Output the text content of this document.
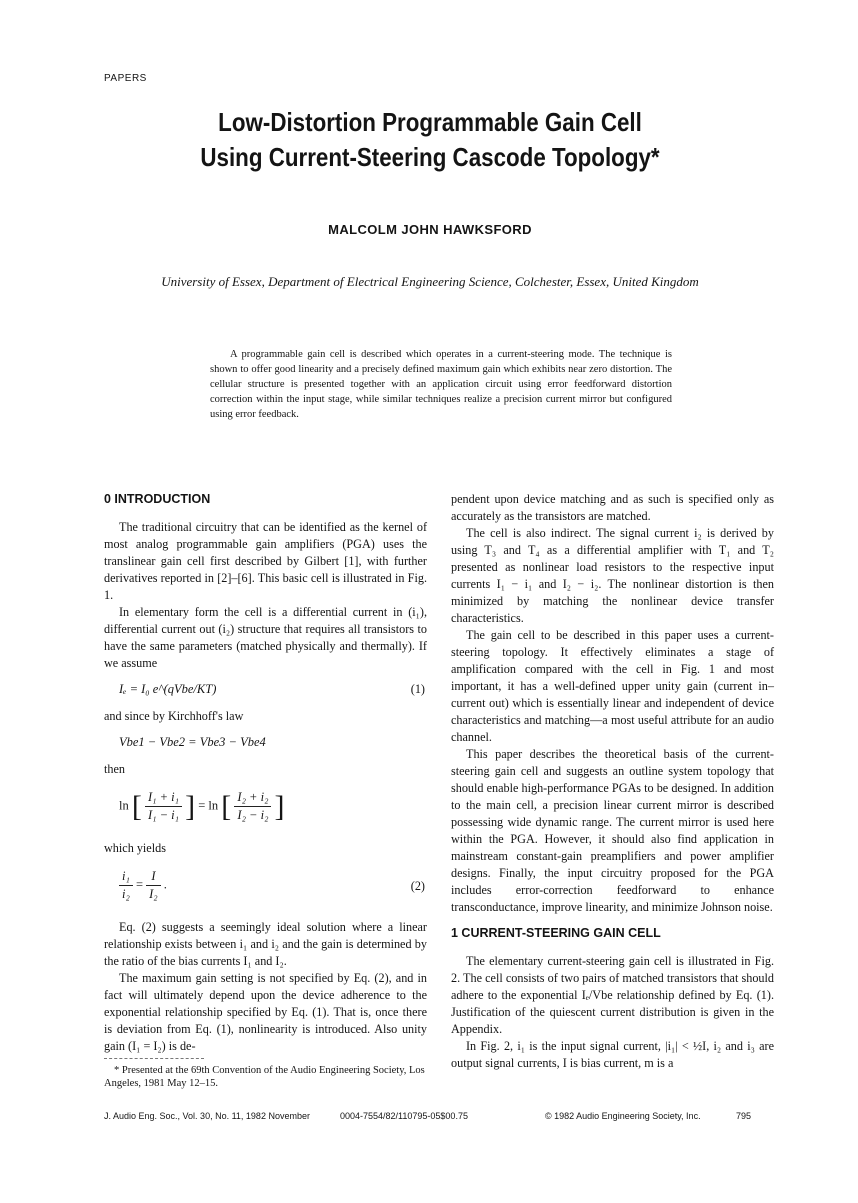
PAPERS
Low-Distortion Programmable Gain Cell
Using Current-Steering Cascode Topology*
MALCOLM JOHN HAWKSFORD
University of Essex, Department of Electrical Engineering Science, Colchester, Essex, United Kingdom
A programmable gain cell is described which operates in a current-steering mode. The technique is shown to offer good linearity and a precisely defined maximum gain which exhibits near zero distortion. The cellular structure is presented together with an application circuit using error feedforward distortion correction within the input stage, while similar techniques realize a precision current mirror but configured using error feedback.
0 INTRODUCTION

The traditional circuitry that can be identified as the kernel of most analog programmable gain amplifiers (PGA) uses the translinear gain cell first described by Gilbert [1], with further derivatives reported in [2]–[6]. This basic cell is illustrated in Fig. 1.

In elementary form the cell is a differential current in (i₁), differential current out (i₂) structure that requires all transistors to have the same parameters (matched physically and thermally). If we assume

Iₑ = I₀ e^(qVbe/KT)	(1)

and since by Kirchhoff's law

Vbe1 − Vbe2 = Vbe3 − Vbe4

then

ln [ $\frac{\text{I₁ + i₁}}{\text{I₁ − i₁}}$ ] = ln [ $\frac{\text{I₂ + i₂}}{\text{I₂ − i₂}}$ ]

which yields

$\frac{\text{i₁}}{\text{i₂}} = \frac{I}{\text{I₂}}$ .	(2)

Eq. (2) suggests a seemingly ideal solution where a linear relationship exists between i₁ and i₂ and the gain is determined by the ratio of the bias currents I₁ and I₂.

The maximum gain setting is not specified by Eq. (2), and in fact will ultimately depend upon the device adherence to the exponential relationship specified by Eq. (1). That is, once there is deviation from Eq. (1), nonlinearity is introduced. Also unity gain (I₁ = I₂) is de-

pendent upon device matching and as such is specified only as accurately as the transistors are matched.

The cell is also indirect. The signal current i₂ is derived by using T₃ and T₄ as a differential amplifier with T₁ and T₂ presented as nonlinear load resistors to the respective input currents I₁ − i₁ and I₂ − i₂. The nonlinear distortion is then minimized by matching the nonlinear device transfer characteristics.

The gain cell to be described in this paper uses a current-steering topology. It effectively eliminates a stage of amplification compared with the cell in Fig. 1 and most important, it has a well-defined upper unity gain (current in–current out) which is essentially linear and independent of device characteristics and matching—a most useful attribute for an audio channel.

This paper describes the theoretical basis of the current-steering gain cell and suggests an outline system topology that should enable high-performance PGAs to be designed. In addition to the main cell, a precision linear current mirror is described possessing wide dynamic range. The current mirror is used here within the PGA. However, it should also find application in mainstream constant-gain preamplifiers and power amplifier designs. Finally, the input circuitry proposed for the PGA includes error-correction feedforward to enhance transconductance, improve linearity, and minimize Johnson noise.

1 CURRENT-STEERING GAIN CELL

The elementary current-steering gain cell is illustrated in Fig. 2. The cell consists of two pairs of matched transistors that should adhere to the exponential Iₑ/Vbe relationship defined by Eq. (1). Justification of the quiescent current distribution is given in the Appendix.

In Fig. 2, i₁ is the input signal current, |i₁| < ½I, i₂ and i₃ are output signal currents, I is bias current, m is a

* Presented at the 69th Convention of the Audio Engineering Society, Los Angeles, 1981 May 12–15.
J. Audio Eng. Soc., Vol. 30, No. 11, 1982 November	0004-7554/82/110795-05$00.75	© 1982 Audio Engineering Society, Inc.	795
